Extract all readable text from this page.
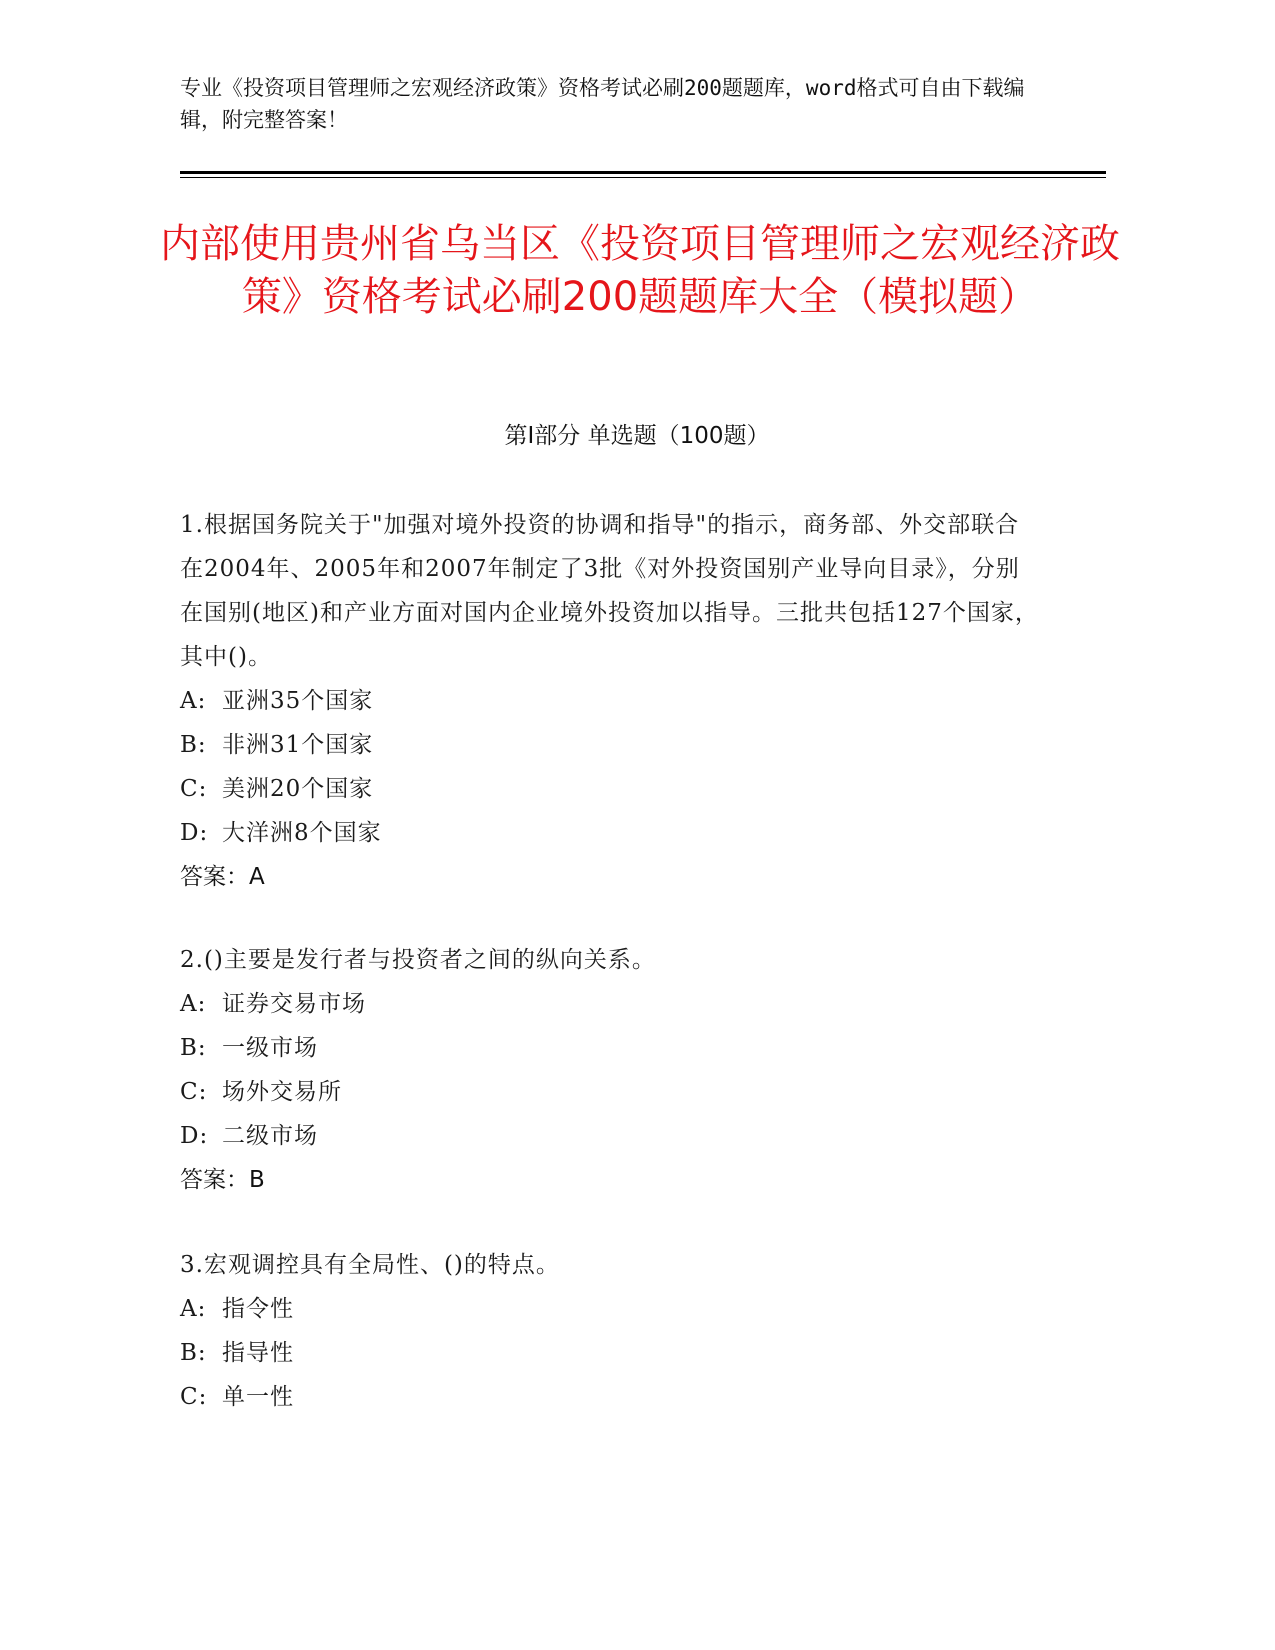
专业《投资项目管理师之宏观经济政策》资格考试必刷200题题库，word格式可自由下载编辑，附完整答案！
内部使用贵州省乌当区《投资项目管理师之宏观经济政策》资格考试必刷200题题库大全（模拟题）
第I部分 单选题（100题）

1.根据国务院关于"加强对境外投资的协调和指导"的指示，商务部、外交部联合在2004年、2005年和2007年制定了3批《对外投资国别产业导向目录》，分别在国别(地区)和产业方面对国内企业境外投资加以指导。三批共包括127个国家，其中()。

A: 亚洲35个国家

B: 非洲31个国家

C: 美洲20个国家

D: 大洋洲8个国家

答案：A

2.()主要是发行者与投资者之间的纵向关系。

A: 证券交易市场

B: 一级市场

C: 场外交易所

D: 二级市场

答案：B

3.宏观调控具有全局性、()的特点。

A: 指令性

B: 指导性

C: 单一性
